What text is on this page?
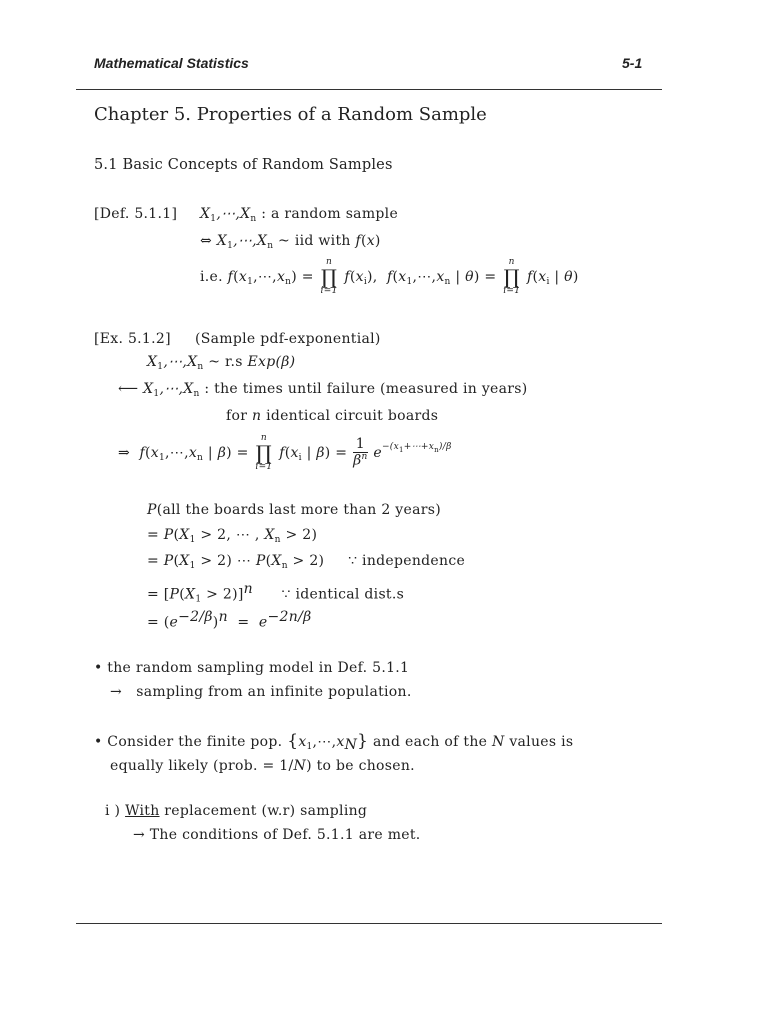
Mathematical Statistics	5-1
Chapter 5. Properties of a Random Sample
5.1 Basic Concepts of Random Samples
[Def. 5.1.1] $X_1,\cdots,X_n$ : a random sample
⇔ $X_1,\cdots,X_n$ ~ iid with f(x)
i.e. $f(x_1,\cdots,x_n)$ =
n
∏
i=1
$f(x_i)$,  $f(x_1,\cdots,x_n$ | θ) =
n
∏
i=1
$f(x_i$ | θ)
[Ex. 5.1.2] (Sample pdf-exponential)
$X_1,\cdots,X_n$ ~ r.s Exp(β)
⟵ $X_1,\cdots,X_n$ : the times until failure (measured in years)
for n identical circuit boards
⇒ $f(x_1,\cdots,x_n$ | β) =
n
∏
i=1
$f(x_i$ | $\beta) = \frac{1}{\beta^n} e^{-(x_1+\cdots+x_n)/\beta}$
P(all the boards last more than 2 years)
= $P(X_1 > 2$, ⋯ , $X_n > 2$)
= $P(X_1 > 2)$ ⋯ $P(X_n > 2)$     ∵ independence
= $[P(X_1 > 2)]^n$ ∵ identical dist.s
= $(e^{-2/\beta})^n = e^{-2n/\beta}$
• the random sampling model in Def. 5.1.1
→ sampling from an infinite population.
• Consider the finite pop. $\{x_1,\cdots,x_N\}$ and each of the N values is
equally likely (prob. = 1/N) to be chosen.
i ) With replacement (w.r) sampling
→ The conditions of Def. 5.1.1 are met.
